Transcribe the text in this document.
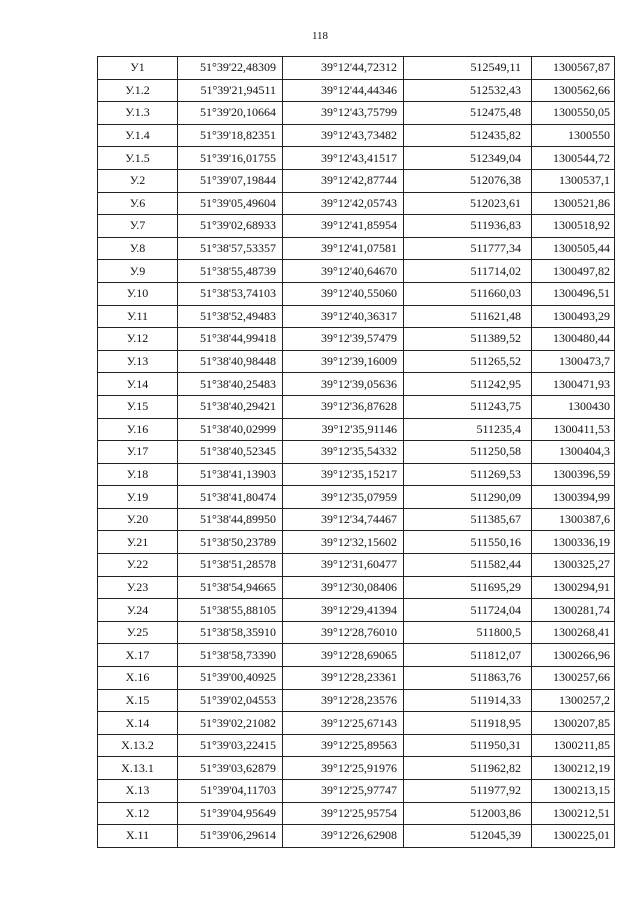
118
У1	51°39'22,48309	39°12'44,72312	512549,11	1300567,87
У.1.2	51°39'21,94511	39°12'44,44346	512532,43	1300562,66
У.1.3	51°39'20,10664	39°12'43,75799	512475,48	1300550,05
У.1.4	51°39'18,82351	39°12'43,73482	512435,82	1300550
У.1.5	51°39'16,01755	39°12'43,41517	512349,04	1300544,72
У.2	51°39'07,19844	39°12'42,87744	512076,38	1300537,1
У.6	51°39'05,49604	39°12'42,05743	512023,61	1300521,86
У.7	51°39'02,68933	39°12'41,85954	511936,83	1300518,92
У.8	51°38'57,53357	39°12'41,07581	511777,34	1300505,44
У.9	51°38'55,48739	39°12'40,64670	511714,02	1300497,82
У.10	51°38'53,74103	39°12'40,55060	511660,03	1300496,51
У.11	51°38'52,49483	39°12'40,36317	511621,48	1300493,29
У.12	51°38'44,99418	39°12'39,57479	511389,52	1300480,44
У.13	51°38'40,98448	39°12'39,16009	511265,52	1300473,7
У.14	51°38'40,25483	39°12'39,05636	511242,95	1300471,93
У.15	51°38'40,29421	39°12'36,87628	511243,75	1300430
У.16	51°38'40,02999	39°12'35,91146	511235,4	1300411,53
У.17	51°38'40,52345	39°12'35,54332	511250,58	1300404,3
У.18	51°38'41,13903	39°12'35,15217	511269,53	1300396,59
У.19	51°38'41,80474	39°12'35,07959	511290,09	1300394,99
У.20	51°38'44,89950	39°12'34,74467	511385,67	1300387,6
У.21	51°38'50,23789	39°12'32,15602	511550,16	1300336,19
У.22	51°38'51,28578	39°12'31,60477	511582,44	1300325,27
У.23	51°38'54,94665	39°12'30,08406	511695,29	1300294,91
У.24	51°38'55,88105	39°12'29,41394	511724,04	1300281,74
У.25	51°38'58,35910	39°12'28,76010	511800,5	1300268,41
Х.17	51°38'58,73390	39°12'28,69065	511812,07	1300266,96
Х.16	51°39'00,40925	39°12'28,23361	511863,76	1300257,66
Х.15	51°39'02,04553	39°12'28,23576	511914,33	1300257,2
Х.14	51°39'02,21082	39°12'25,67143	511918,95	1300207,85
Х.13.2	51°39'03,22415	39°12'25,89563	511950,31	1300211,85
Х.13.1	51°39'03,62879	39°12'25,91976	511962,82	1300212,19
Х.13	51°39'04,11703	39°12'25,97747	511977,92	1300213,15
Х.12	51°39'04,95649	39°12'25,95754	512003,86	1300212,51
Х.11	51°39'06,29614	39°12'26,62908	512045,39	1300225,01
